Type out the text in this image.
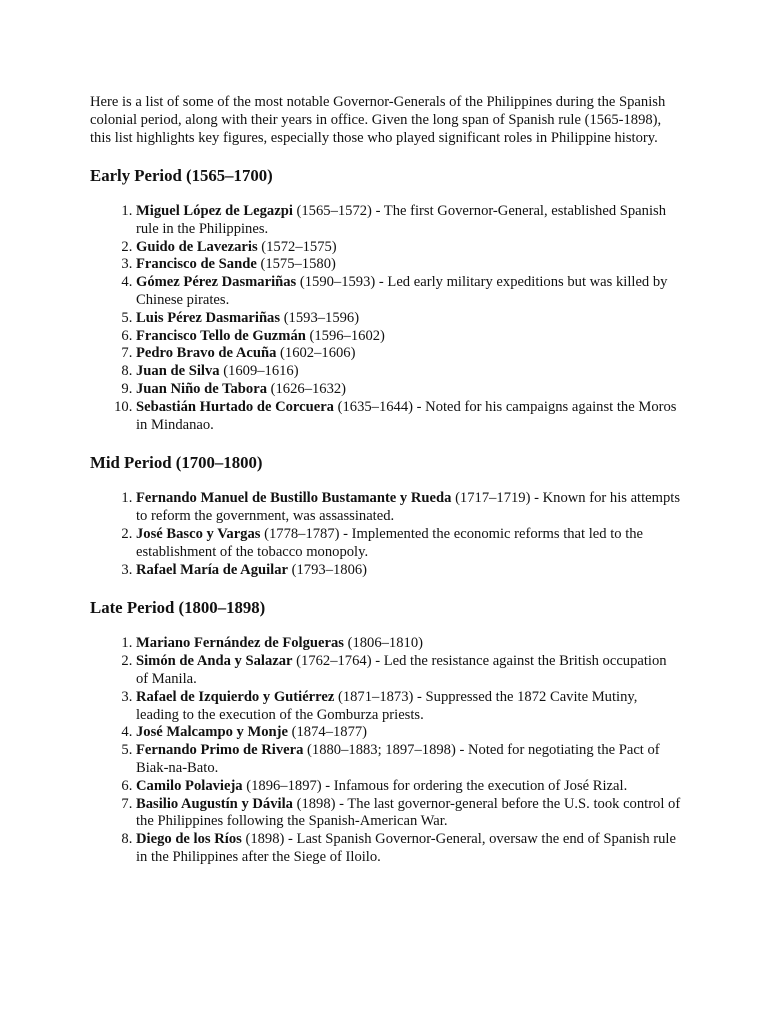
Here is a list of some of the most notable Governor-Generals of the Philippines during the Spanish colonial period, along with their years in office. Given the long span of Spanish rule (1565-1898), this list highlights key figures, especially those who played significant roles in Philippine history.

Early Period (1565–1700)
1. Miguel López de Legazpi (1565–1572) - The first Governor-General, established Spanish rule in the Philippines.
2. Guido de Lavezaris (1572–1575)
3. Francisco de Sande (1575–1580)
4. Gómez Pérez Dasmariñas (1590–1593) - Led early military expeditions but was killed by Chinese pirates.
5. Luis Pérez Dasmariñas (1593–1596)
6. Francisco Tello de Guzmán (1596–1602)
7. Pedro Bravo de Acuña (1602–1606)
8. Juan de Silva (1609–1616)
9. Juan Niño de Tabora (1626–1632)
10. Sebastián Hurtado de Corcuera (1635–1644) - Noted for his campaigns against the Moros in Mindanao.
Mid Period (1700–1800)
1. Fernando Manuel de Bustillo Bustamante y Rueda (1717–1719) - Known for his attempts to reform the government, was assassinated.
2. José Basco y Vargas (1778–1787) - Implemented the economic reforms that led to the establishment of the tobacco monopoly.
3. Rafael María de Aguilar (1793–1806)
Late Period (1800–1898)
1. Mariano Fernández de Folgueras (1806–1810)
2. Simón de Anda y Salazar (1762–1764) - Led the resistance against the British occupation of Manila.
3. Rafael de Izquierdo y Gutiérrez (1871–1873) - Suppressed the 1872 Cavite Mutiny, leading to the execution of the Gomburza priests.
4. José Malcampo y Monje (1874–1877)
5. Fernando Primo de Rivera (1880–1883; 1897–1898) - Noted for negotiating the Pact of Biak-na-Bato.
6. Camilo Polavieja (1896–1897) - Infamous for ordering the execution of José Rizal.
7. Basilio Augustín y Dávila (1898) - The last governor-general before the U.S. took control of the Philippines following the Spanish-American War.
8. Diego de los Ríos (1898) - Last Spanish Governor-General, oversaw the end of Spanish rule in the Philippines after the Siege of Iloilo.
